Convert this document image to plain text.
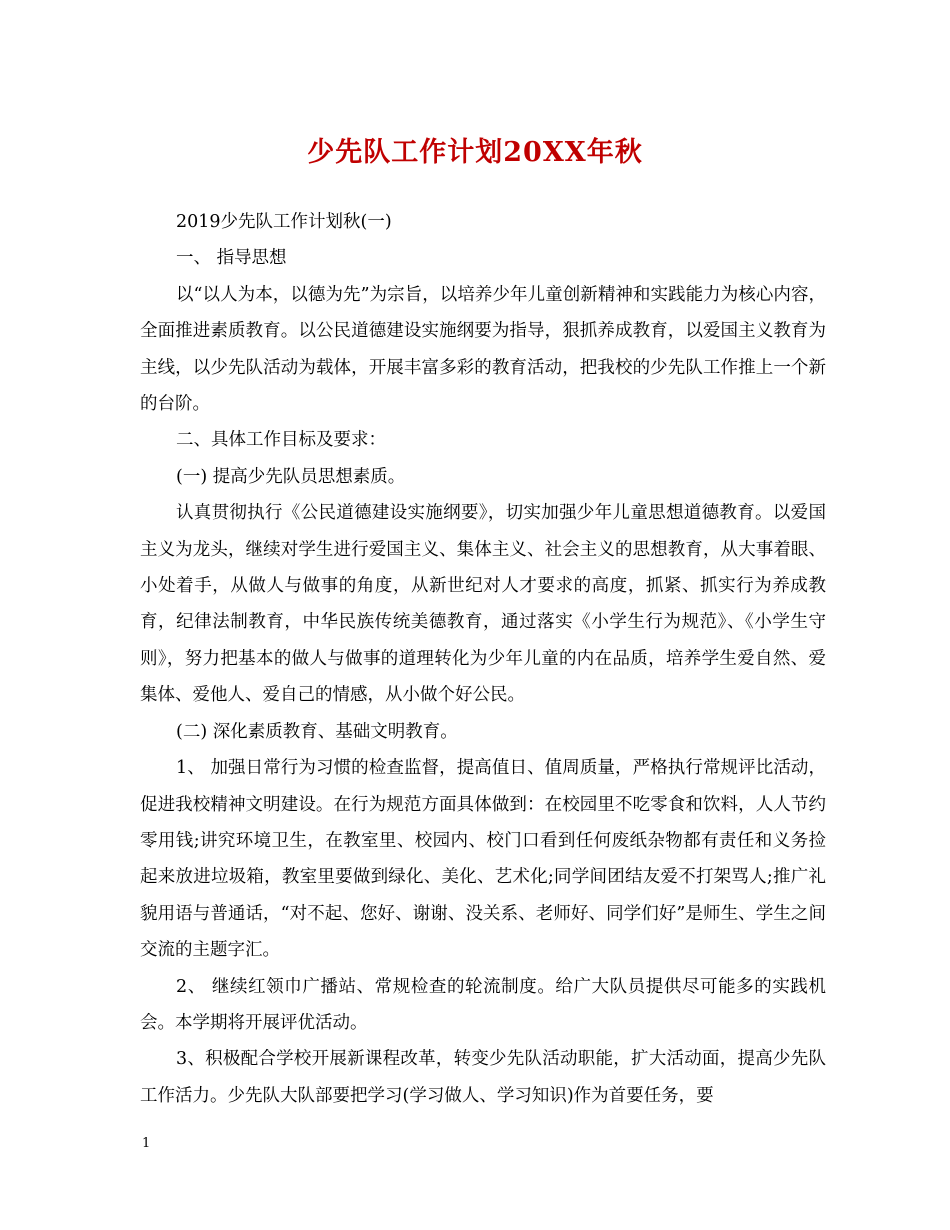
少先队工作计划20XX年秋

2019少先队工作计划秋(一)

一、 指导思想

以“以人为本，以德为先”为宗旨，以培养少年儿童创新精神和实践能力为核心内容，全面推进素质教育。以公民道德建设实施纲要为指导，狠抓养成教育，以爱国主义教育为主线，以少先队活动为载体，开展丰富多彩的教育活动，把我校的少先队工作推上一个新的台阶。

二、具体工作目标及要求：

(一) 提高少先队员思想素质。

认真贯彻执行《公民道德建设实施纲要》，切实加强少年儿童思想道德教育。以爱国主义为龙头，继续对学生进行爱国主义、集体主义、社会主义的思想教育，从大事着眼、小处着手，从做人与做事的角度，从新世纪对人才要求的高度，抓紧、抓实行为养成教育，纪律法制教育，中华民族传统美德教育，通过落实《小学生行为规范》、《小学生守则》，努力把基本的做人与做事的道理转化为少年儿童的内在品质，培养学生爱自然、爱集体、爱他人、爱自己的情感，从小做个好公民。

(二) 深化素质教育、基础文明教育。

1、 加强日常行为习惯的检查监督，提高值日、值周质量，严格执行常规评比活动，促进我校精神文明建设。在行为规范方面具体做到：在校园里不吃零食和饮料，人人节约零用钱;讲究环境卫生，在教室里、校园内、校门口看到任何废纸杂物都有责任和义务捡起来放进垃圾箱，教室里要做到绿化、美化、艺术化;同学间团结友爱不打架骂人;推广礼貌用语与普通话，“对不起、您好、谢谢、没关系、老师好、同学们好”是师生、学生之间交流的主题字汇。

2、 继续红领巾广播站、常规检查的轮流制度。给广大队员提供尽可能多的实践机会。本学期将开展评优活动。

3、积极配合学校开展新课程改革，转变少先队活动职能，扩大活动面，提高少先队工作活力。少先队大队部要把学习(学习做人、学习知识)作为首要任务，要

1
